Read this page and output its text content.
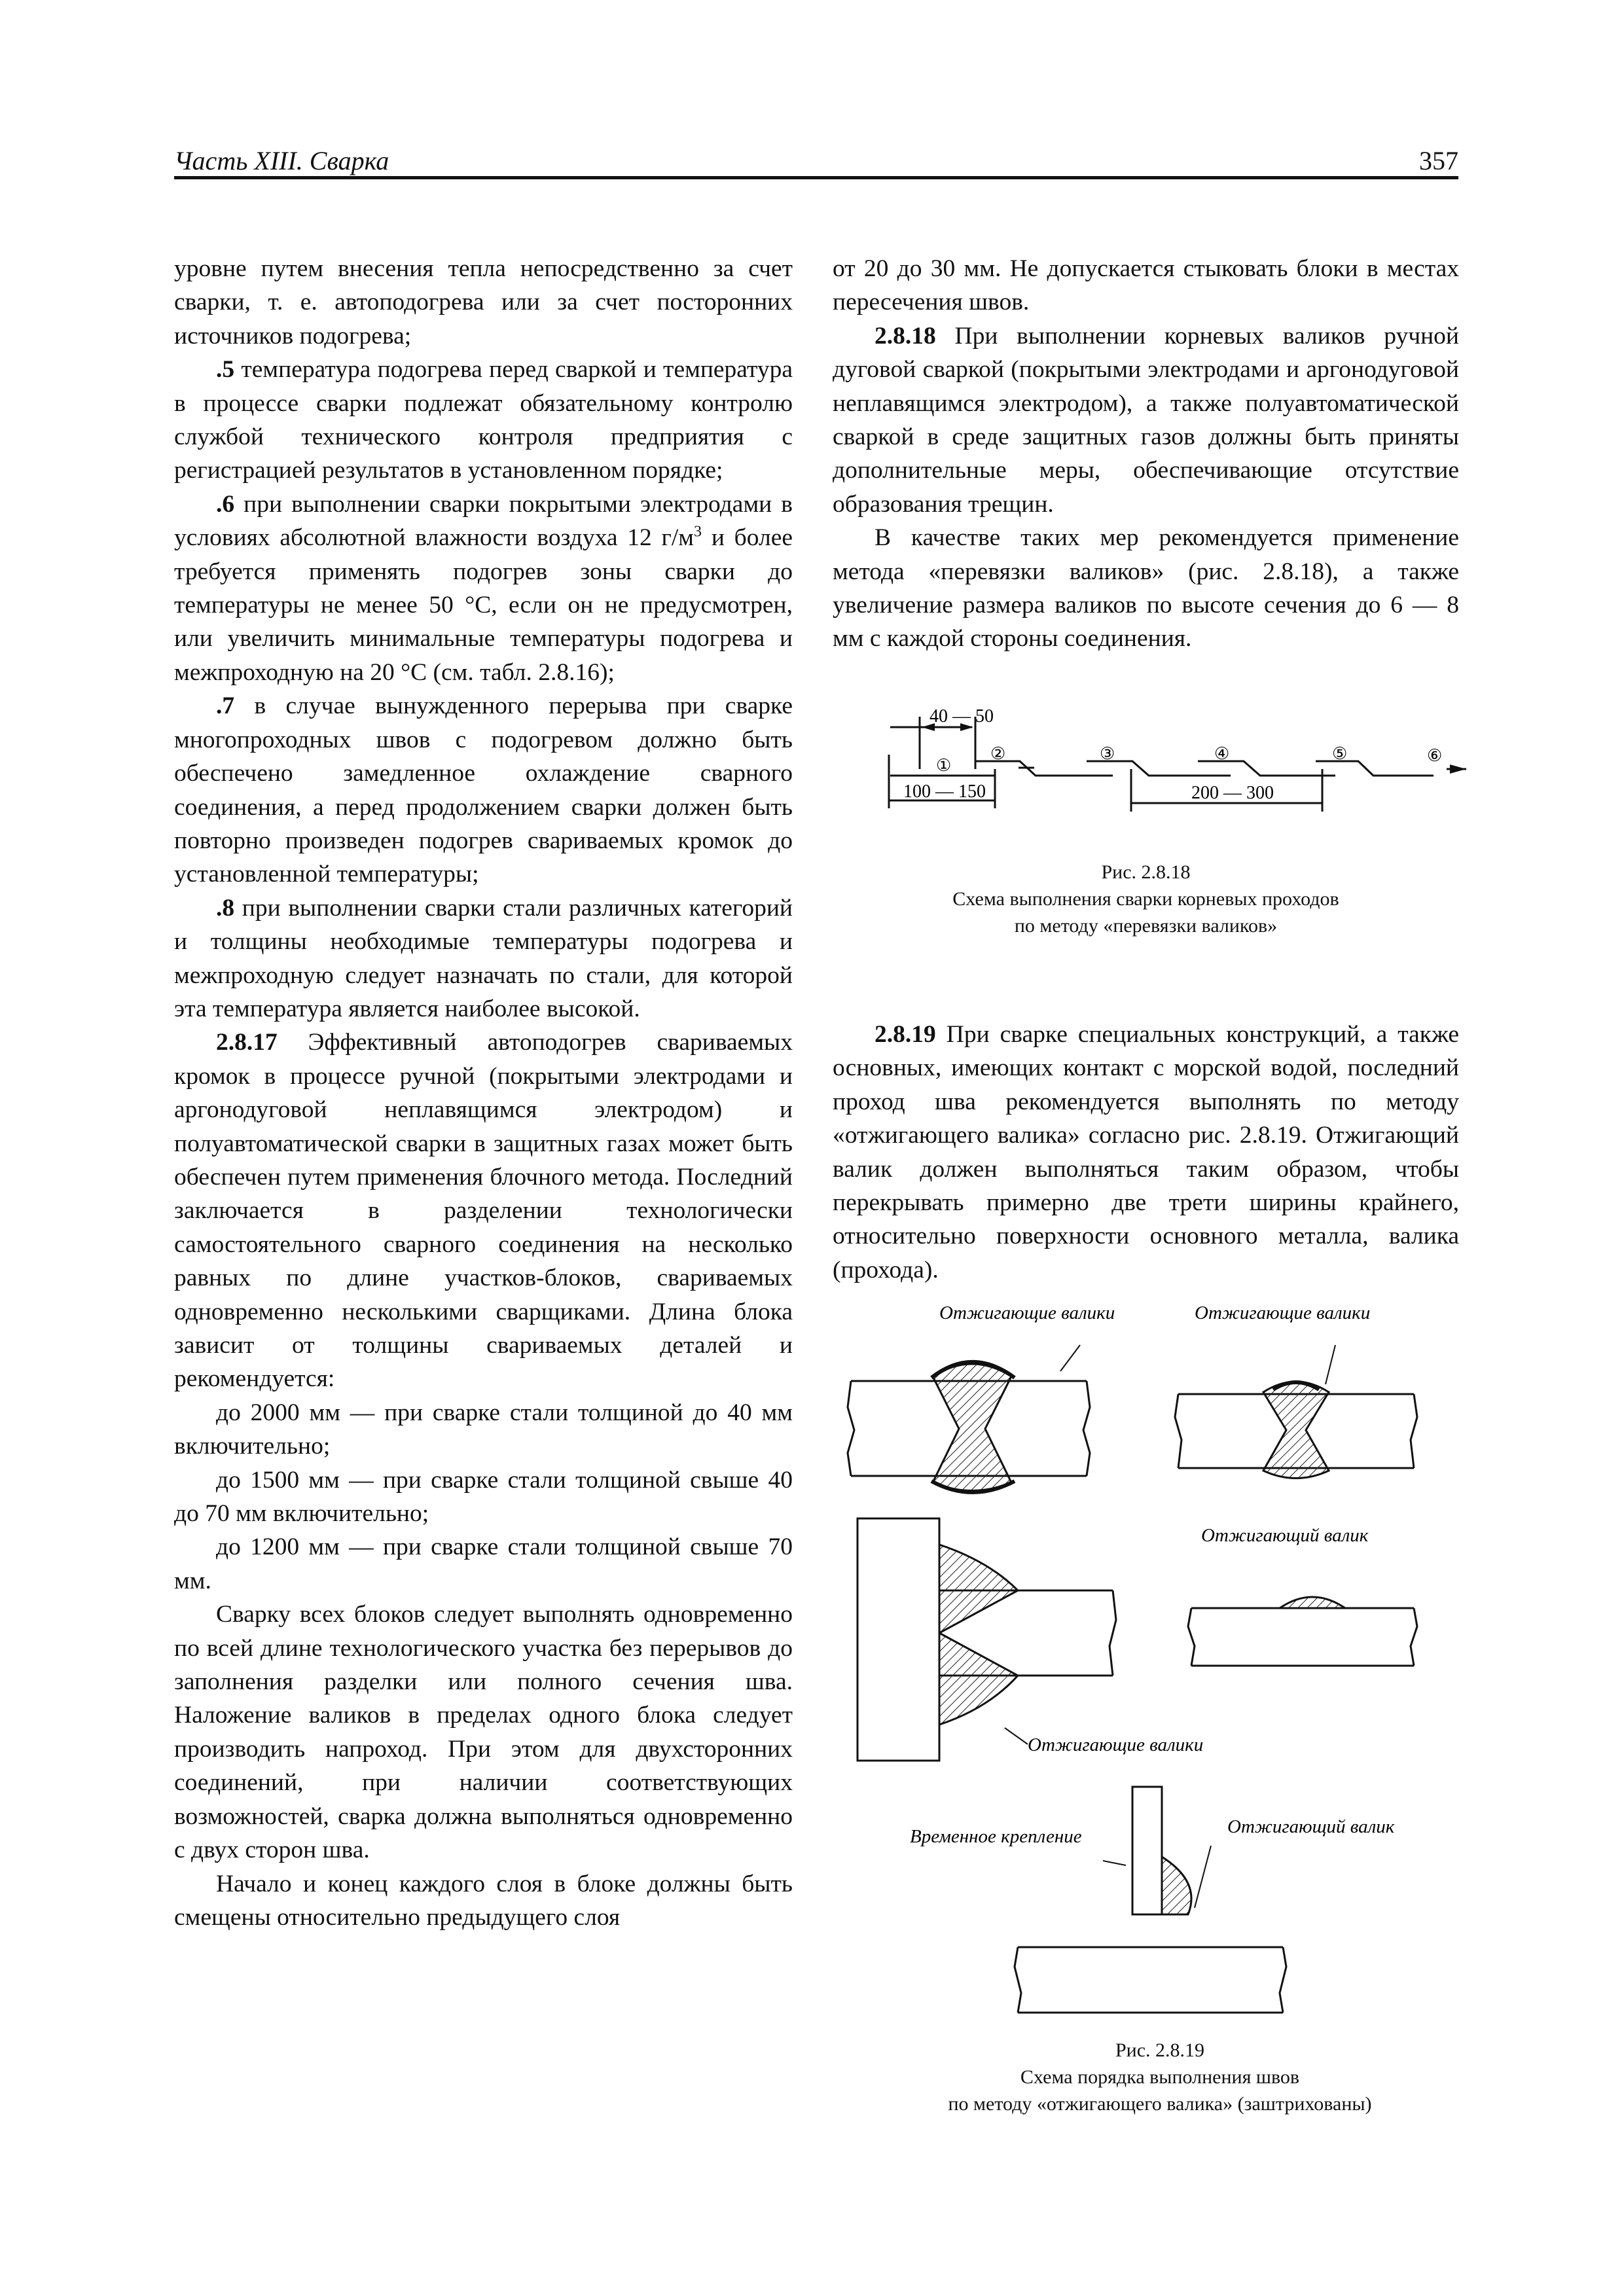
Часть XIII. Сварка	357

уровне путем внесения тепла непосредственно за счет сварки, т. е. автоподогрева или за счет посторонних источников подогрева;

.5 температура подогрева перед сваркой и температура в процессе сварки подлежат обязательному контролю службой технического контроля предприятия с регистрацией результатов в установленном порядке;

.6 при выполнении сварки покрытыми электродами в условиях абсолютной влажности воздуха 12 $г/м^3$ и более требуется применять подогрев зоны сварки до температуры не менее 50 °С, если он не предусмотрен, или увеличить минимальные температуры подогрева и межпроходную на 20 °С (см. табл. 2.8.16);

.7 в случае вынужденного перерыва при сварке многопроходных швов с подогревом должно быть обеспечено замедленное охлаждение сварного соединения, а перед продолжением сварки должен быть повторно произведен подогрев свариваемых кромок до установленной температуры;

.8 при выполнении сварки стали различных категорий и толщины необходимые температуры подогрева и межпроходную следует назначать по стали, для которой эта температура является наиболее высокой.

2.8.17 Эффективный автоподогрев свариваемых кромок в процессе ручной (покрытыми электродами и аргонодуговой неплавящимся электродом) и полуавтоматической сварки в защитных газах может быть обеспечен путем применения блочного метода. Последний заключается в разделении технологически самостоятельного сварного соединения на несколько равных по длине участков-блоков, свариваемых одновременно несколькими сварщиками. Длина блока зависит от толщины свариваемых деталей и рекомендуется:

до 2000 мм — при сварке стали толщиной до 40 мм включительно;

до 1500 мм — при сварке стали толщиной свыше 40 до 70 мм включительно;

до 1200 мм — при сварке стали толщиной свыше 70 мм.

Сварку всех блоков следует выполнять одновременно по всей длине технологического участка без перерывов до заполнения разделки или полного сечения шва. Наложение валиков в пределах одного блока следует производить напроход. При этом для двухсторонних соединений, при наличии соответствующих возможностей, сварка должна выполняться одновременно с двух сторон шва.

Начало и конец каждого слоя в блоке должны быть смещены относительно предыдущего слоя

от 20 до 30 мм. Не допускается стыковать блоки в местах пересечения швов.

2.8.18 При выполнении корневых валиков ручной дуговой сваркой (покрытыми электродами и аргонодуговой неплавящимся электродом), а также полуавтоматической сваркой в среде защитных газов должны быть приняты дополнительные меры, обеспечивающие отсутствие образования трещин.

В качестве таких мер рекомендуется применение метода «перевязки валиков» (рис. 2.8.18), а также увеличение размера валиков по высоте сечения до 6 — 8 мм с каждой стороны соединения.

40 — 50
100 — 150	200 — 300
①
②	③	④	⑤	⑥
Рис. 2.8.18
Схема выполнения сварки корневых проходов
по методу «перевязки валиков»

2.8.19 При сварке специальных конструкций, а также основных, имеющих контакт с морской водой, последний проход шва рекомендуется выполнять по методу «отжигающего валика» согласно рис. 2.8.19. Отжигающий валик должен выполняться таким образом, чтобы перекрывать примерно две трети ширины крайнего, относительно поверхности основного металла, валика (прохода).

Отжигающие валики	Отжигающие валики
Отжигающий валик
Отжигающие валики
Временное крепление	Отжигающий валик
Рис. 2.8.19
Схема порядка выполнения швов
по методу «отжигающего валика» (заштрихованы)
